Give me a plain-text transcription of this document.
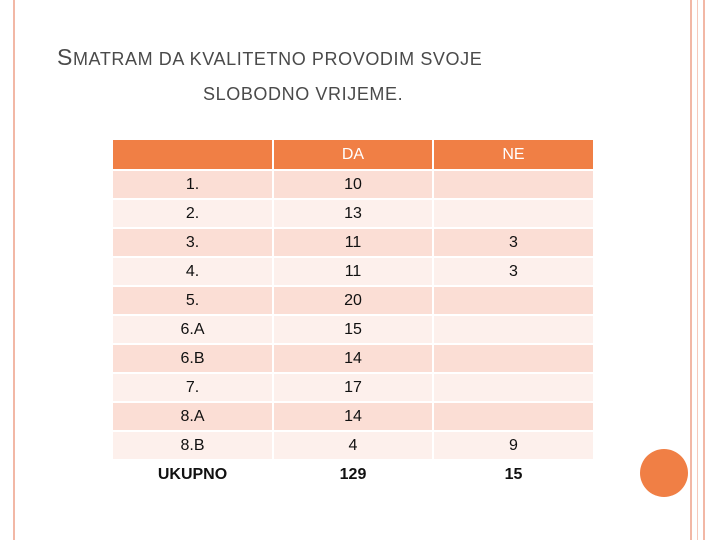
SMATRAM DA KVALITETNO PROVODIM SVOJE
SLOBODNO VRIJEME.
	DA	NE
1.	10	
2.	13	
3.	11	3
4.	11	3
5.	20	
6.A	15	
6.B	14	
7.	17	
8.A	14	
8.B	4	9
UKUPNO	129	15
